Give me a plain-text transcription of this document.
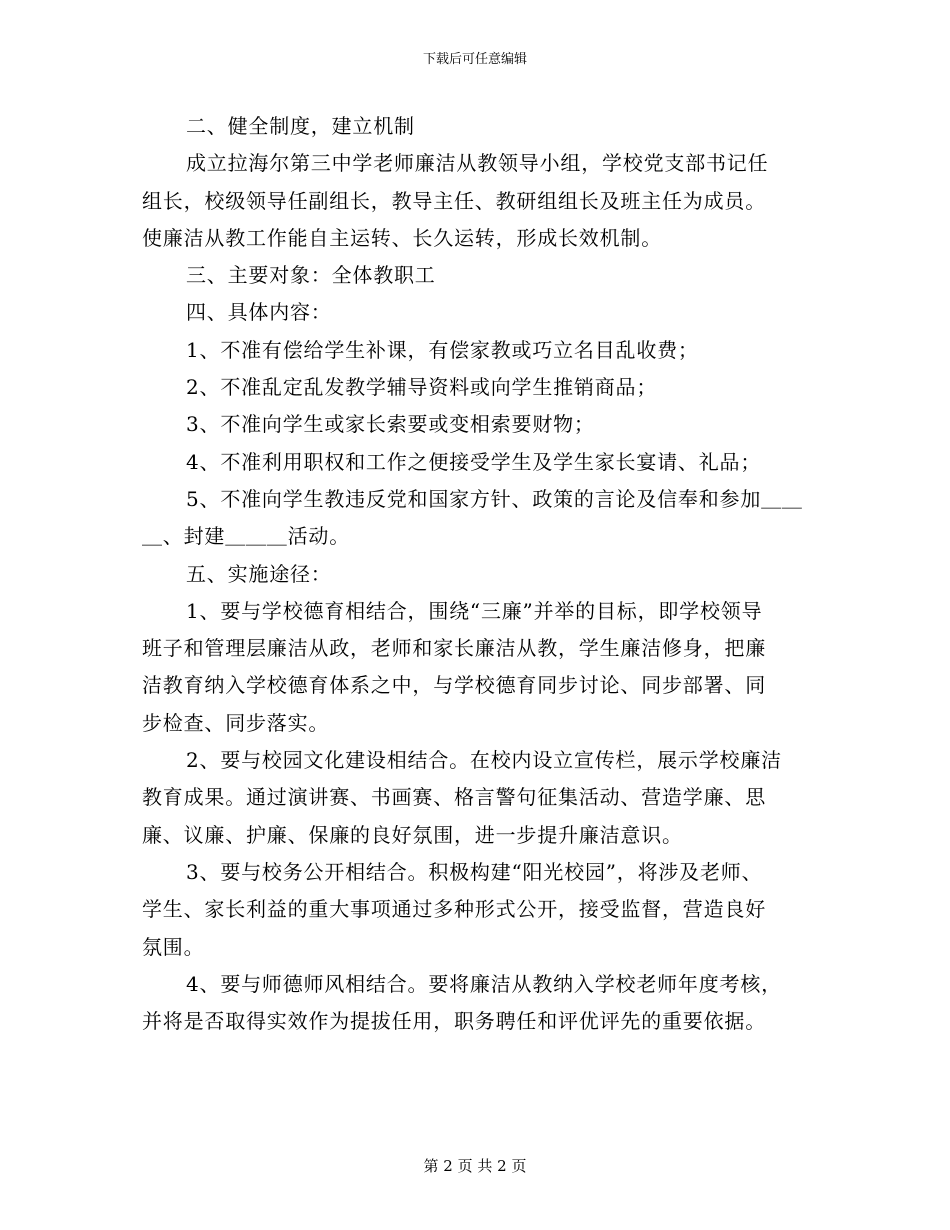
下载后可任意编辑
二、健全制度，建立机制
成立拉海尔第三中学老师廉洁从教领导小组，学校党支部书记任
组长，校级领导任副组长，教导主任、教研组组长及班主任为成员。
使廉洁从教工作能自主运转、长久运转，形成长效机制。
三、主要对象：全体教职工
四、具体内容：
1、不准有偿给学生补课，有偿家教或巧立名目乱收费；
2、不准乱定乱发教学辅导资料或向学生推销商品；
3、不准向学生或家长索要或变相索要财物；
4、不准利用职权和工作之便接受学生及学生家长宴请、礼品；
5、不准向学生教违反党和国家方针、政策的言论及信奉和参加＿＿
＿、封建＿＿＿活动。
五、实施途径：
1、要与学校德育相结合，围绕“三廉”并举的目标，即学校领导
班子和管理层廉洁从政，老师和家长廉洁从教，学生廉洁修身，把廉
洁教育纳入学校德育体系之中，与学校德育同步讨论、同步部署、同
步检查、同步落实。
2、要与校园文化建设相结合。在校内设立宣传栏，展示学校廉洁
教育成果。通过演讲赛、书画赛、格言警句征集活动、营造学廉、思
廉、议廉、护廉、保廉的良好氛围，进一步提升廉洁意识。
3、要与校务公开相结合。积极构建“阳光校园”，将涉及老师、
学生、家长利益的重大事项通过多种形式公开，接受监督，营造良好
氛围。
4、要与师德师风相结合。要将廉洁从教纳入学校老师年度考核，
并将是否取得实效作为提拔任用，职务聘任和评优评先的重要依据。
第 2 页 共 2 页
